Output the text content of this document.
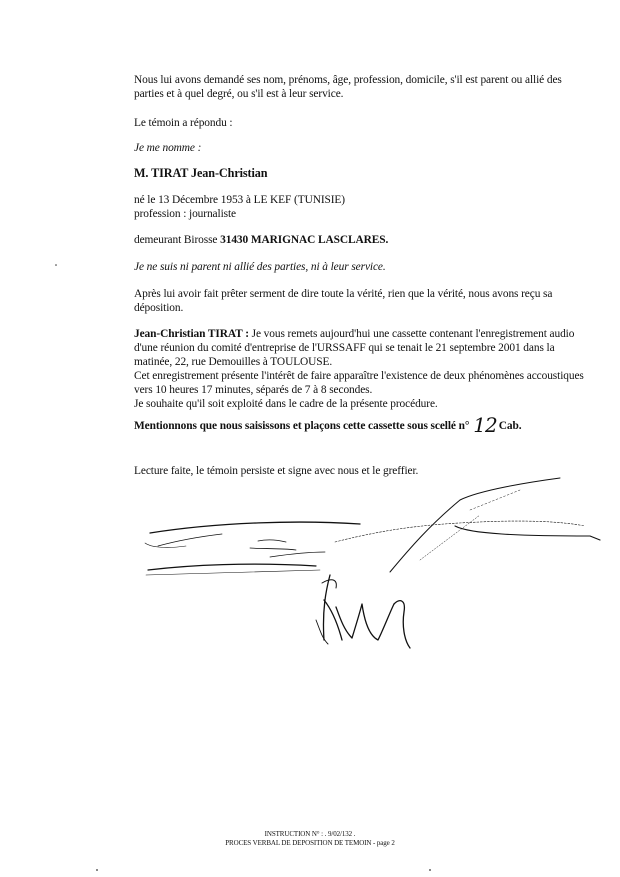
Nous lui avons demandé ses nom, prénoms, âge, profession, domicile, s'il est parent ou allié des parties et à quel degré, ou s'il est à leur service.
Le témoin a répondu :
Je me nomme :
M. TIRAT Jean-Christian
né le 13 Décembre 1953 à LE KEF (TUNISIE)
profession : journaliste
demeurant Birosse 31430 MARIGNAC LASCLARES.
Je ne suis ni parent ni allié des parties, ni à leur service.
Après lui avoir fait prêter serment de dire toute la vérité, rien que la vérité, nous avons reçu sa déposition.
Jean-Christian TIRAT : Je vous remets aujourd'hui une cassette contenant l'enregistrement audio d'une réunion du comité d'entreprise de l'URSSAFF qui se tenait le 21 septembre 2001 dans la matinée, 22, rue Demouilles à TOULOUSE.
Cet enregistrement présente l'intérêt de faire apparaître l'existence de deux phénomènes accoustiques vers 10 heures 17 minutes, séparés de 7 à 8 secondes.
Je souhaite qu'il soit exploité dans le cadre de la présente procédure.
Mentionnons que nous saisissons et plaçons cette cassette sous scellé n° 12 Cab.
Lecture faite, le témoin persiste et signe avec nous et le greffier.
INSTRUCTION N° : . 9/02/132 .
PROCES VERBAL DE DEPOSITION DE TEMOIN - page 2
